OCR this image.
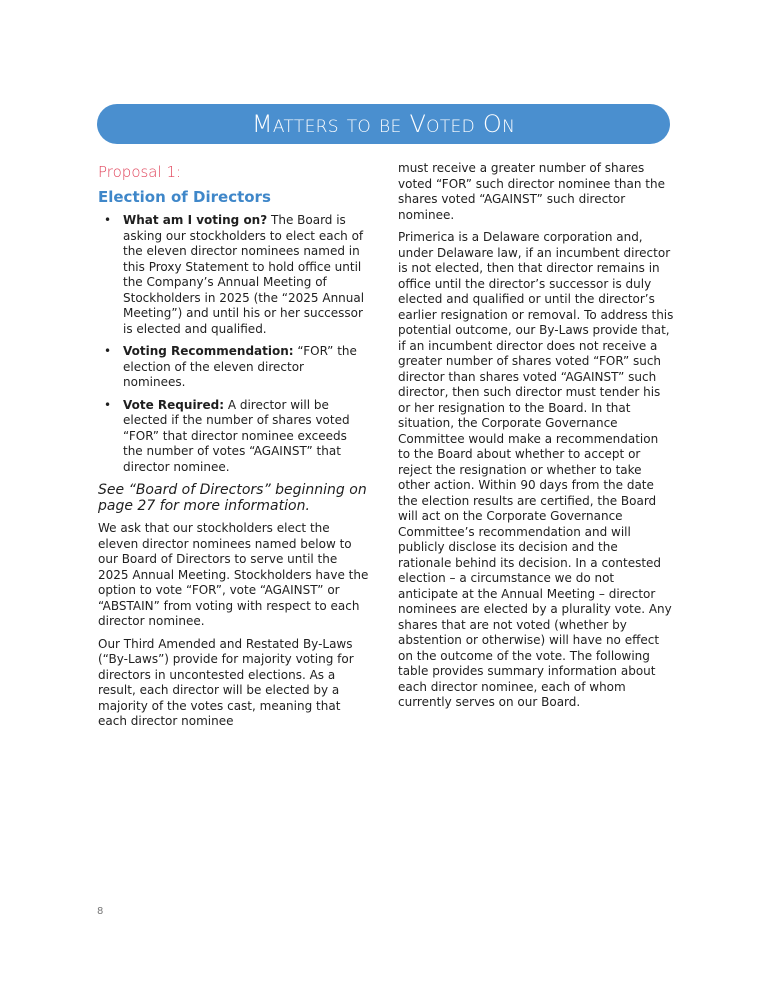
Matters to be Voted On
Proposal 1:
Election of Directors
• What am I voting on? The Board is asking our stockholders to elect each of the eleven director nominees named in this Proxy Statement to hold office until the Company’s Annual Meeting of Stockholders in 2025 (the “2025 Annual Meeting”) and until his or her successor is elected and qualified.
• Voting Recommendation: “FOR” the election of the eleven director nominees.
• Vote Required: A director will be elected if the number of shares voted “FOR” that director nominee exceeds the number of votes “AGAINST” that director nominee.
See “Board of Directors” beginning on page 27 for more information.

We ask that our stockholders elect the eleven director nominees named below to our Board of Directors to serve until the 2025 Annual Meeting. Stockholders have the option to vote “FOR”, vote “AGAINST” or “ABSTAIN” from voting with respect to each director nominee.

Our Third Amended and Restated By-Laws (“By-Laws”) provide for majority voting for directors in uncontested elections. As a result, each director will be elected by a majority of the votes cast, meaning that each director nominee

must receive a greater number of shares voted “FOR” such director nominee than the shares voted “AGAINST” such director nominee.

Primerica is a Delaware corporation and, under Delaware law, if an incumbent director is not elected, then that director remains in office until the director’s successor is duly elected and qualified or until the director’s earlier resignation or removal. To address this potential outcome, our By-Laws provide that, if an incumbent director does not receive a greater number of shares voted “FOR” such director than shares voted “AGAINST” such director, then such director must tender his or her resignation to the Board. In that situation, the Corporate Governance Committee would make a recommendation to the Board about whether to accept or reject the resignation or whether to take other action. Within 90 days from the date the election results are certified, the Board will act on the Corporate Governance Committee’s recommendation and will publicly disclose its decision and the rationale behind its decision. In a contested election – a circumstance we do not anticipate at the Annual Meeting – director nominees are elected by a plurality vote. Any shares that are not voted (whether by abstention or otherwise) will have no effect on the outcome of the vote. The following table provides summary information about each director nominee, each of whom currently serves on our Board.

8
